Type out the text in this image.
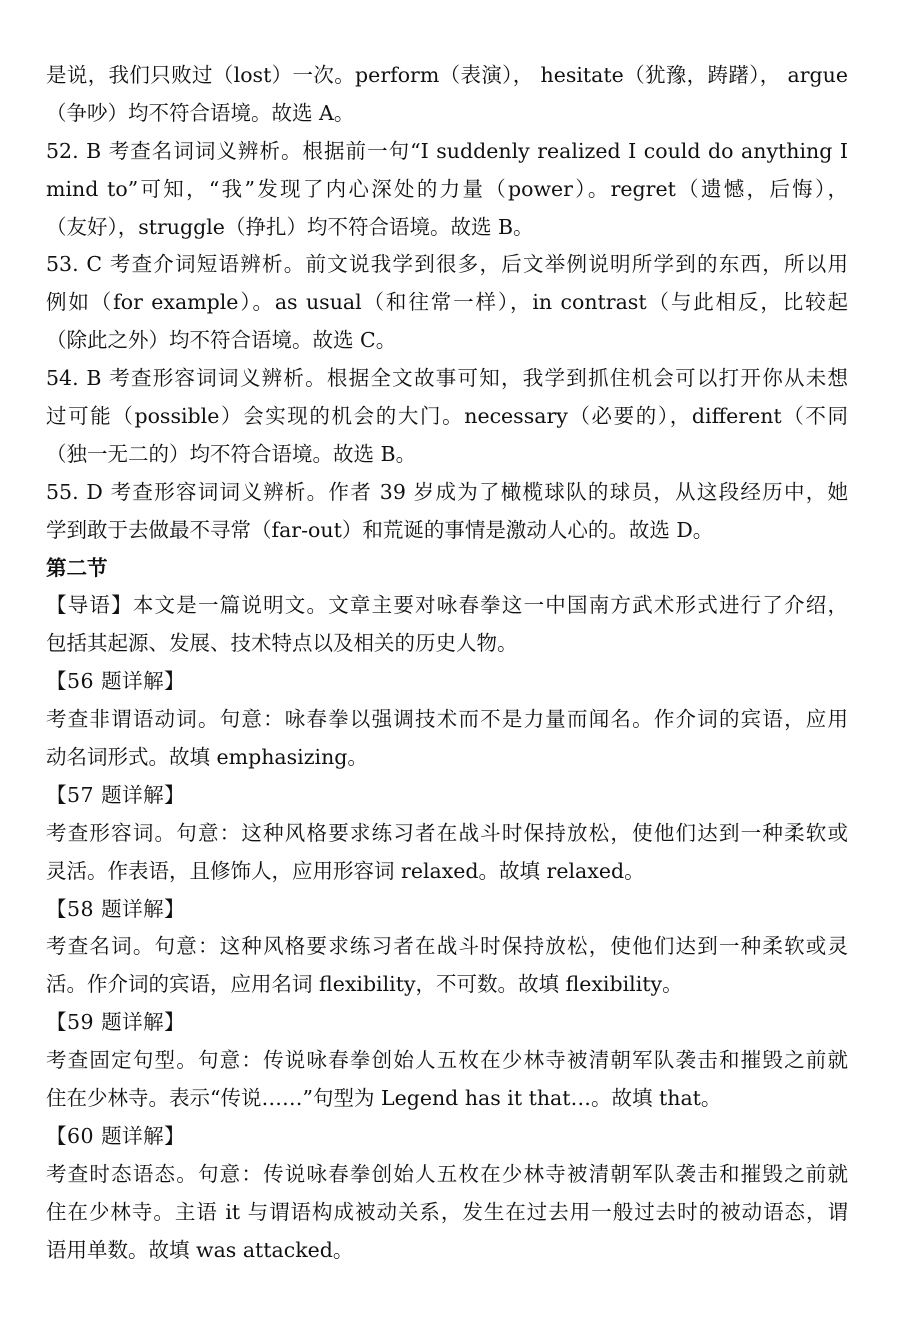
是说，我们只败过（lost）一次。perform（表演）， hesitate（犹豫，踌躇）， argue
（争吵）均不符合语境。故选 A。
52. B 考查名词词义辨析。根据前一句“I suddenly realized I could do anything I
mind to”可知，“我”发现了内心深处的力量（power）。regret（遗憾，后悔），
（友好），struggle（挣扎）均不符合语境。故选 B。
53. C 考查介词短语辨析。前文说我学到很多，后文举例说明所学到的东西，所以用
例如（for example）。as usual（和往常一样），in contrast（与此相反，比较起
（除此之外）均不符合语境。故选 C。
54. B 考查形容词词义辨析。根据全文故事可知，我学到抓住机会可以打开你从未想
过可能（possible）会实现的机会的大门。necessary（必要的），different（不同
（独一无二的）均不符合语境。故选 B。
55. D 考查形容词词义辨析。作者 39 岁成为了橄榄球队的球员，从这段经历中，她
学到敢于去做最不寻常（far-out）和荒诞的事情是激动人心的。故选 D。
第二节
【导语】本文是一篇说明文。文章主要对咏春拳这一中国南方武术形式进行了介绍，
包括其起源、发展、技术特点以及相关的历史人物。
【56 题详解】
考查非谓语动词。句意：咏春拳以强调技术而不是力量而闻名。作介词的宾语，应用
动名词形式。故填 emphasizing。
【57 题详解】
考查形容词。句意：这种风格要求练习者在战斗时保持放松，使他们达到一种柔软或
灵活。作表语，且修饰人，应用形容词 relaxed。故填 relaxed。
【58 题详解】
考查名词。句意：这种风格要求练习者在战斗时保持放松，使他们达到一种柔软或灵
活。作介词的宾语，应用名词 flexibility，不可数。故填 flexibility。
【59 题详解】
考查固定句型。句意：传说咏春拳创始人五枚在少林寺被清朝军队袭击和摧毁之前就
住在少林寺。表示“传说……”句型为 Legend has it that…。故填 that。
【60 题详解】
考查时态语态。句意：传说咏春拳创始人五枚在少林寺被清朝军队袭击和摧毁之前就
住在少林寺。主语 it 与谓语构成被动关系，发生在过去用一般过去时的被动语态，谓
语用单数。故填 was attacked。
